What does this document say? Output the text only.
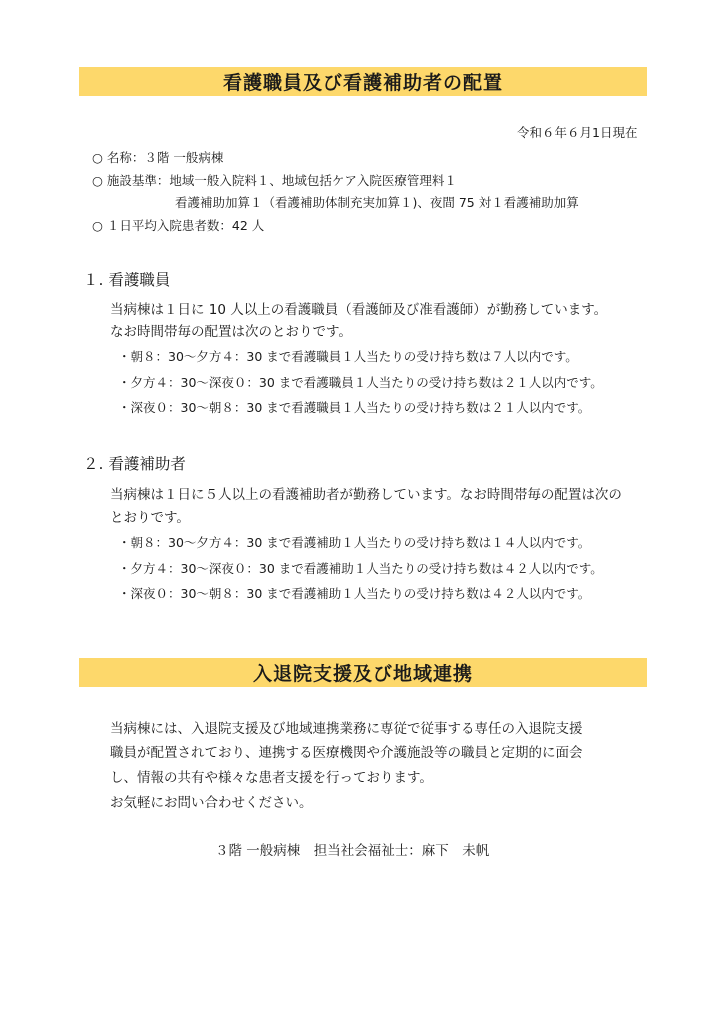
看護職員及び看護補助者の配置
令和６年６月1日現在
○ 名称：３階 一般病棟
○ 施設基準：地域一般入院料１、地域包括ケア入院医療管理料１
看護補助加算１（看護補助体制充実加算１)、夜間 75 対１看護補助加算
○ １日平均入院患者数：42 人
１. 看護職員
当病棟は１日に 10 人以上の看護職員（看護師及び准看護師）が勤務しています。
なお時間帯毎の配置は次のとおりです。
・朝８：30～夕方４：30 まで看護職員１人当たりの受け持ち数は７人以内です。
・夕方４：30～深夜０：30 まで看護職員１人当たりの受け持ち数は２１人以内です。
・深夜０：30～朝８：30 まで看護職員１人当たりの受け持ち数は２１人以内です。
２. 看護補助者
当病棟は１日に５人以上の看護補助者が勤務しています。なお時間帯毎の配置は次の
とおりです。
・朝８：30～夕方４：30 まで看護補助１人当たりの受け持ち数は１４人以内です。
・夕方４：30～深夜０：30 まで看護補助１人当たりの受け持ち数は４２人以内です。
・深夜０：30～朝８：30 まで看護補助１人当たりの受け持ち数は４２人以内です。
入退院支援及び地域連携
当病棟には、入退院支援及び地域連携業務に専従で従事する専任の入退院支援
職員が配置されており、連携する医療機関や介護施設等の職員と定期的に面会
し、情報の共有や様々な患者支援を行っております。
お気軽にお問い合わせください。
３階 一般病棟　担当社会福祉士：麻下　未帆
